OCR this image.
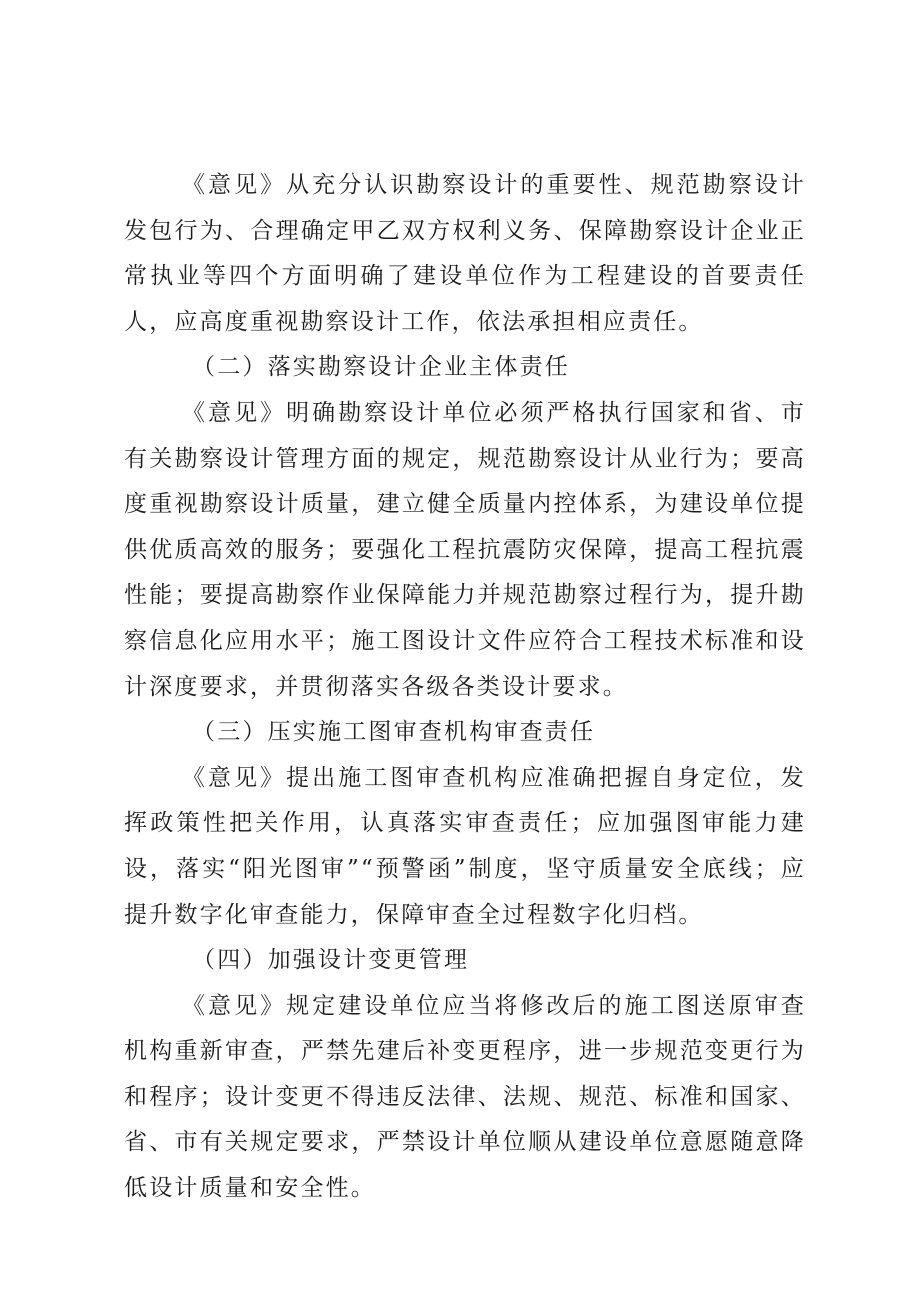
《意见》从充分认识勘察设计的重要性、规范勘察设计发包行为、合理确定甲乙双方权利义务、保障勘察设计企业正常执业等四个方面明确了建设单位作为工程建设的首要责任人，应高度重视勘察设计工作，依法承担相应责任。

（二）落实勘察设计企业主体责任

《意见》明确勘察设计单位必须严格执行国家和省、市有关勘察设计管理方面的规定，规范勘察设计从业行为；要高度重视勘察设计质量，建立健全质量内控体系，为建设单位提供优质高效的服务；要强化工程抗震防灾保障，提高工程抗震性能；要提高勘察作业保障能力并规范勘察过程行为，提升勘察信息化应用水平；施工图设计文件应符合工程技术标准和设计深度要求，并贯彻落实各级各类设计要求。

（三）压实施工图审查机构审查责任

《意见》提出施工图审查机构应准确把握自身定位，发挥政策性把关作用，认真落实审查责任；应加强图审能力建设，落实“阳光图审”“预警函”制度，坚守质量安全底线；应提升数字化审查能力，保障审查全过程数字化归档。

（四）加强设计变更管理

《意见》规定建设单位应当将修改后的施工图送原审查机构重新审查，严禁先建后补变更程序，进一步规范变更行为和程序；设计变更不得违反法律、法规、规范、标准和国家、省、市有关规定要求，严禁设计单位顺从建设单位意愿随意降低设计质量和安全性。
